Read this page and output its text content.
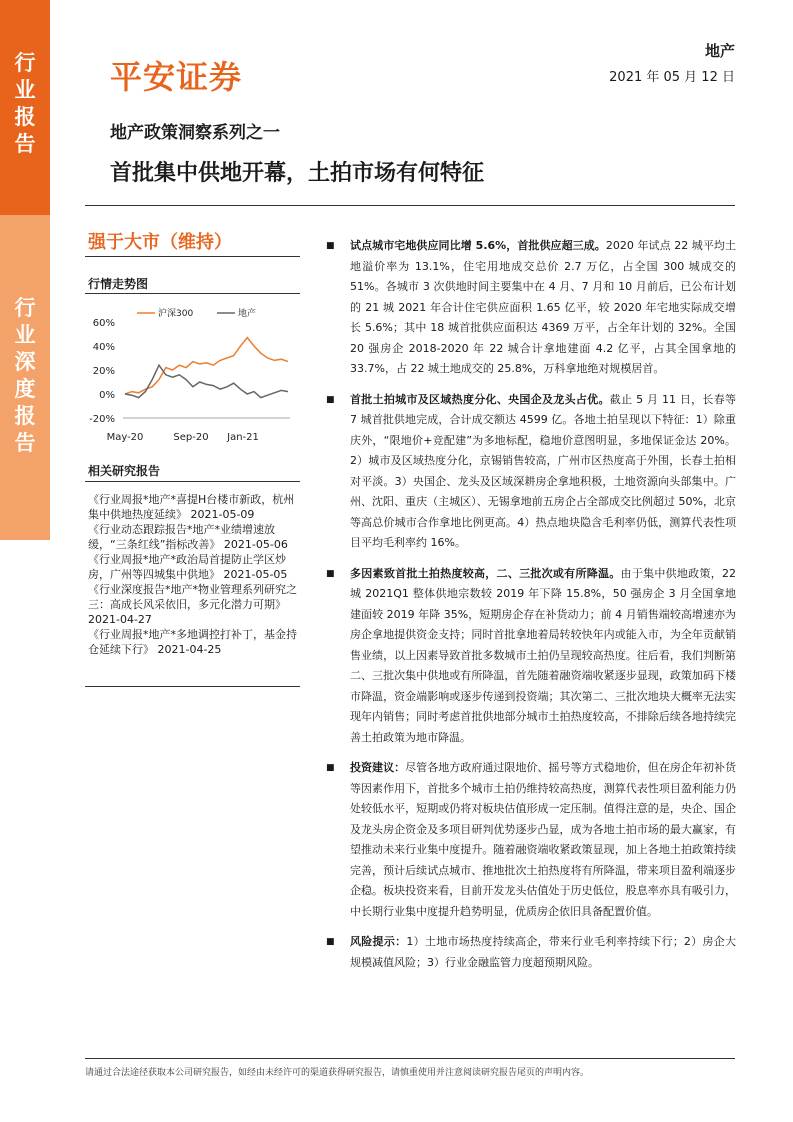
行
业
报
告
行
业
深
度
报
告
平安证券
地产
2021 年 05 月 12 日
地产政策洞察系列之一
首批集中供地开幕，土拍市场有何特征
强于大市（维持）
行情走势图
60%
40%
20%
0%
-20%
May-20	Sep-20 Jan-21
沪深300	地产
相关研究报告

《行业周报*地产*喜提H台楼市新政，杭州集中供地热度延续》 2021-05-09

《行业动态跟踪报告*地产*业绩增速放缓，“三条红线”指标改善》 2021-05-06

《行业周报*地产*政治局首提防止学区炒房，广州等四城集中供地》 2021-05-05

《行业深度报告*地产*物业管理系列研究之三：高成长风采依旧，多元化潜力可期》 2021-04-27

《行业周报*地产*多地调控打补丁，基金持仓延续下行》 2021-04-25

■ 试点城市宅地供应同比增 5.6%，首批供应超三成。2020 年试点 22 城平均土地溢价率为 13.1%，住宅用地成交总价 2.7 万亿，占全国 300 城成交的 51%。各城市 3 次供地时间主要集中在 4 月、7 月和 10 月前后，已公布计划的 21 城 2021 年合计住宅供应面积 1.65 亿平，较 2020 年宅地实际成交增长 5.6%；其中 18 城首批供应面积达 4369 万平，占全年计划的 32%。全国 20 强房企 2018-2020 年 22 城合计拿地建面 4.2 亿平，占其全国拿地的 33.7%，占 22 城土地成交的 25.8%，万科拿地绝对规模居首。
■ 首批土拍城市及区域热度分化、央国企及龙头占优。截止 5 月 11 日，长春等 7 城首批供地完成，合计成交额达 4599 亿。各地土拍呈现以下特征：1）除重庆外，“限地价+竞配建”为多地标配，稳地价意图明显，多地保证金达 20%。2）城市及区域热度分化，京锡销售较高，广州市区热度高于外围，长春土拍相对平淡。3）央国企、龙头及区域深耕房企拿地积极，土地资源向头部集中。广州、沈阳、重庆（主城区）、无锡拿地前五房企占全部成交比例超过 50%，北京等高总价城市合作拿地比例更高。4）热点地块隐含毛利率仍低，测算代表性项目平均毛利率约 16%。
■ 多因素致首批土拍热度较高，二、三批次或有所降温。由于集中供地政策，22 城 2021Q1 整体供地宗数较 2019 年下降 15.8%，50 强房企 3 月全国拿地建面较 2019 年降 35%，短期房企存在补货动力；前 4 月销售端较高增速亦为房企拿地提供资金支持；同时首批拿地着局转较快年内或能入市，为全年贡献销售业绩，以上因素导致首批多数城市土拍仍呈现较高热度。往后看，我们判断第二、三批次集中供地或有所降温，首先随着融资端收紧逐步显现，政策加码下楼市降温，资金端影响或逐步传递到投资端；其次第二、三批次地块大概率无法实现年内销售；同时考虑首批供地部分城市土拍热度较高，不排除后续各地持续完善土拍政策为地市降温。
■ 投资建议：尽管各地方政府通过限地价、摇号等方式稳地价，但在房企年初补货等因素作用下，首批多个城市土拍仍维持较高热度，测算代表性项目盈利能力仍处较低水平，短期或仍将对板块估值形成一定压制。值得注意的是，央企、国企及龙头房企资金及多项目研判优势逐步凸显，成为各地土拍市场的最大赢家，有望推动未来行业集中度提升。随着融资端收紧政策显现，加上各地土拍政策持续完善，预计后续试点城市、推地批次土拍热度将有所降温，带来项目盈利端逐步企稳。板块投资来看，目前开发龙头估值处于历史低位，股息率亦具有吸引力，中长期行业集中度提升趋势明显，优质房企依旧具备配置价值。
■ 风险提示：1）土地市场热度持续高企，带来行业毛利率持续下行；2）房企大规模减值风险；3）行业金融监管力度超预期风险。
请通过合法途径获取本公司研究报告，如经由未经许可的渠道获得研究报告，请慎重使用并注意阅读研究报告尾页的声明内容。
